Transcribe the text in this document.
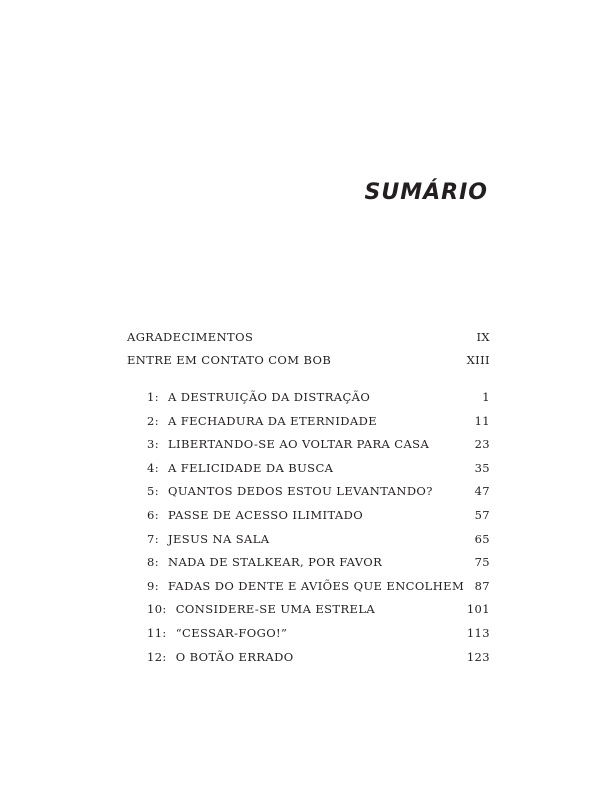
SUMÁRIO
AGRADECIMENTOS	IX
ENTRE EM CONTATO COM BOB	XIII
1: A DESTRUIÇÃO DA DISTRAÇÃO	1
2: A FECHADURA DA ETERNIDADE	11
3: LIBERTANDO-SE AO VOLTAR PARA CASA	23
4: A FELICIDADE DA BUSCA	35
5: QUANTOS DEDOS ESTOU LEVANTANDO?	47
6: PASSE DE ACESSO ILIMITADO	57
7: JESUS NA SALA	65
8: NADA DE STALKEAR, POR FAVOR	75
9: FADAS DO DENTE E AVIÕES QUE ENCOLHEM 87
10: CONSIDERE-SE UMA ESTRELA	101
11: “CESSAR-FOGO!”	113
12: O BOTÃO ERRADO	123
